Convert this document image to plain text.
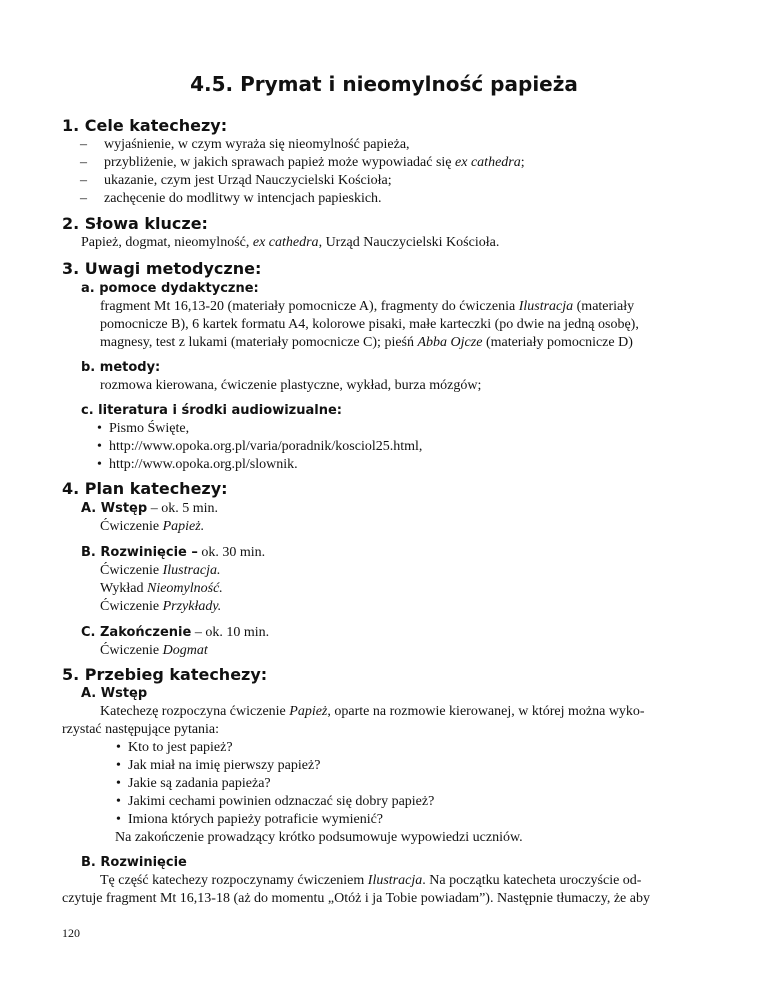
4.5. Prymat i nieomylność papieża
1. Cele katechezy:
– wyjaśnienie, w czym wyraża się nieomylność papieża,
– przybliżenie, w jakich sprawach papież może wypowiadać się ex cathedra;
– ukazanie, czym jest Urząd Nauczycielski Kościoła;
– zachęcenie do modlitwy w intencjach papieskich.
2. Słowa klucze:
Papież, dogmat, nieomylność, ex cathedra, Urząd Nauczycielski Kościoła.
3. Uwagi metodyczne:
a. pomoce dydaktyczne:
fragment Mt 16,13-20 (materiały pomocnicze A), fragmenty do ćwiczenia Ilustracja (materiały
pomocnicze B), 6 kartek formatu A4, kolorowe pisaki, małe karteczki (po dwie na jedną osobę),
magnesy, test z lukami (materiały pomocnicze C); pieśń Abba Ojcze (materiały pomocnicze D)
b. metody:
rozmowa kierowana, ćwiczenie plastyczne, wykład, burza mózgów;
c. literatura i środki audiowizualne:
• Pismo Święte,
• http://www.opoka.org.pl/varia/poradnik/kosciol25.html,
• http://www.opoka.org.pl/slownik.
4. Plan katechezy:
A. Wstęp – ok. 5 min.
Ćwiczenie Papież.
B. Rozwinięcie – ok. 30 min.
Ćwiczenie Ilustracja.
Wykład Nieomylność.
Ćwiczenie Przykłady.
C. Zakończenie – ok. 10 min.
Ćwiczenie Dogmat
5. Przebieg katechezy:
A. Wstęp
Katechezę rozpoczyna ćwiczenie Papież, oparte na rozmowie kierowanej, w której można wyko-
rzystać następujące pytania:
• Kto to jest papież?
• Jak miał na imię pierwszy papież?
• Jakie są zadania papieża?
• Jakimi cechami powinien odznaczać się dobry papież?
• Imiona których papieży potraficie wymienić?
Na zakończenie prowadzący krótko podsumowuje wypowiedzi uczniów.
B. Rozwinięcie
Tę część katechezy rozpoczynamy ćwiczeniem Ilustracja. Na początku katecheta uroczyście od-
czytuje fragment Mt 16,13-18 (aż do momentu „Otóż i ja Tobie powiadam”). Następnie tłumaczy, że aby
120
